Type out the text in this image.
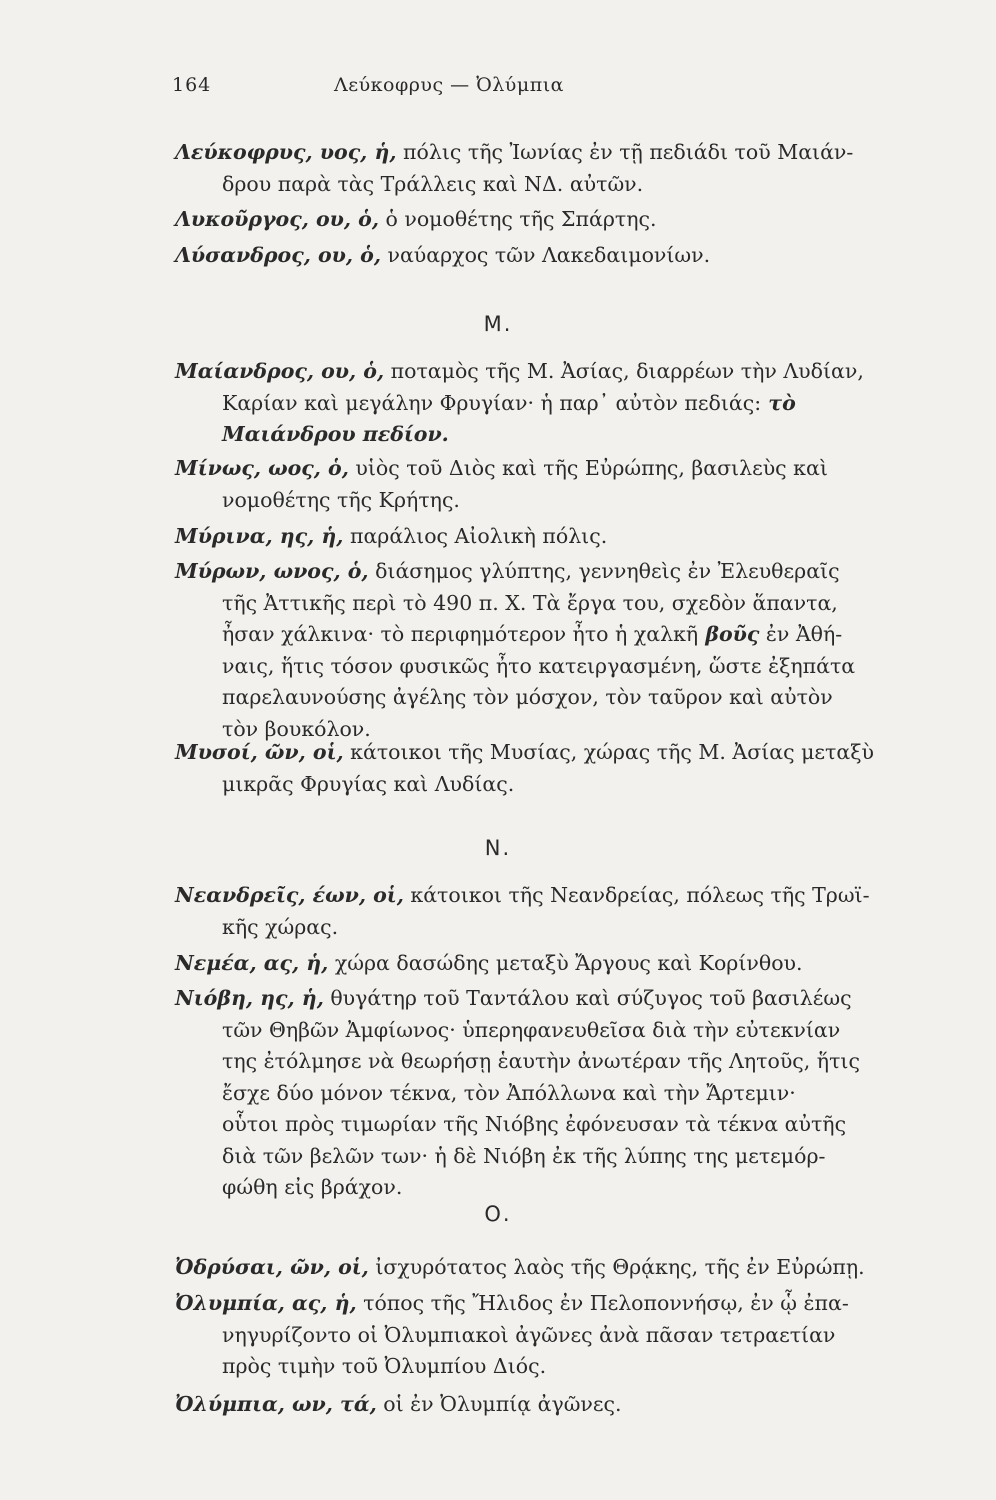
164	Λεύκοφρυς — Ὀλύμπια
Λεύκοφρυς, υος, ἡ, πόλις τῆς Ἰωνίας ἐν τῇ πεδιάδι τοῦ Μαιάν-
δρου παρὰ τὰς Τράλλεις καὶ ΝΔ. αὐτῶν.
Λυκοῦργος, ου, ὁ, ὁ νομοθέτης τῆς Σπάρτης.
Λύσανδρος, ου, ὁ, ναύαρχος τῶν Λακεδαιμονίων.
Μ.
Μαίανδρος, ου, ὁ, ποταμὸς τῆς Μ. Ἀσίας, διαρρέων τὴν Λυδίαν,
Καρίαν καὶ μεγάλην Φρυγίαν· ἡ παρ᾽ αὐτὸν πεδιάς: τὸ
Μαιάνδρου πεδίον.
Μίνως, ωος, ὁ, υἱὸς τοῦ Διὸς καὶ τῆς Εὐρώπης, βασιλεὺς καὶ
νομοθέτης τῆς Κρήτης.
Μύρινα, ης, ἡ, παράλιος Αἰολικὴ πόλις.
Μύρων, ωνος, ὁ, διάσημος γλύπτης, γεννηθεὶς ἐν Ἐλευθεραῖς
τῆς Ἀττικῆς περὶ τὸ 490 π. Χ. Τὰ ἔργα του, σχεδὸν ἅπαντα,
ἦσαν χάλκινα· τὸ περιφημότερον ἦτο ἡ χαλκῆ βοῦς ἐν Ἀθή-
ναις, ἥτις τόσον φυσικῶς ἦτο κατειργασμένη, ὥστε ἐξηπάτα
παρελαυνούσης ἀγέλης τὸν μόσχον, τὸν ταῦρον καὶ αὐτὸν
τὸν βουκόλον.
Μυσοί, ῶν, οἱ, κάτοικοι τῆς Μυσίας, χώρας τῆς Μ. Ἀσίας μεταξὺ
μικρᾶς Φρυγίας καὶ Λυδίας.
Ν.
Νεανδρεῖς, έων, οἱ, κάτοικοι τῆς Νεανδρείας, πόλεως τῆς Τρωϊ-
κῆς χώρας.
Νεμέα, ας, ἡ, χώρα δασώδης μεταξὺ Ἄργους καὶ Κορίνθου.
Νιόβη, ης, ἡ, θυγάτηρ τοῦ Ταντάλου καὶ σύζυγος τοῦ βασιλέως
τῶν Θηβῶν Ἀμφίωνος· ὑπερηφανευθεῖσα διὰ τὴν εὐτεκνίαν
της ἐτόλμησε νὰ θεωρήσῃ ἑαυτὴν ἀνωτέραν τῆς Λητοῦς, ἥτις
ἔσχε δύο μόνον τέκνα, τὸν Ἀπόλλωνα καὶ τὴν Ἄρτεμιν·
οὗτοι πρὸς τιμωρίαν τῆς Νιόβης ἐφόνευσαν τὰ τέκνα αὐτῆς
διὰ τῶν βελῶν των· ἡ δὲ Νιόβη ἐκ τῆς λύπης της μετεμόρ-
φώθη εἰς βράχον.
Ο.
Ὀδρύσαι, ῶν, οἱ, ἰσχυρότατος λαὸς τῆς Θρᾴκης, τῆς ἐν Εὐρώπῃ.
Ὀλυμπία, ας, ἡ, τόπος τῆς Ἤλιδος ἐν Πελοποννήσῳ, ἐν ᾧ ἐπα-
νηγυρίζοντο οἱ Ὀλυμπιακοὶ ἀγῶνες ἀνὰ πᾶσαν τετραετίαν
πρὸς τιμὴν τοῦ Ὀλυμπίου Διός.
Ὀλύμπια, ων, τά, οἱ ἐν Ὀλυμπίᾳ ἀγῶνες.
